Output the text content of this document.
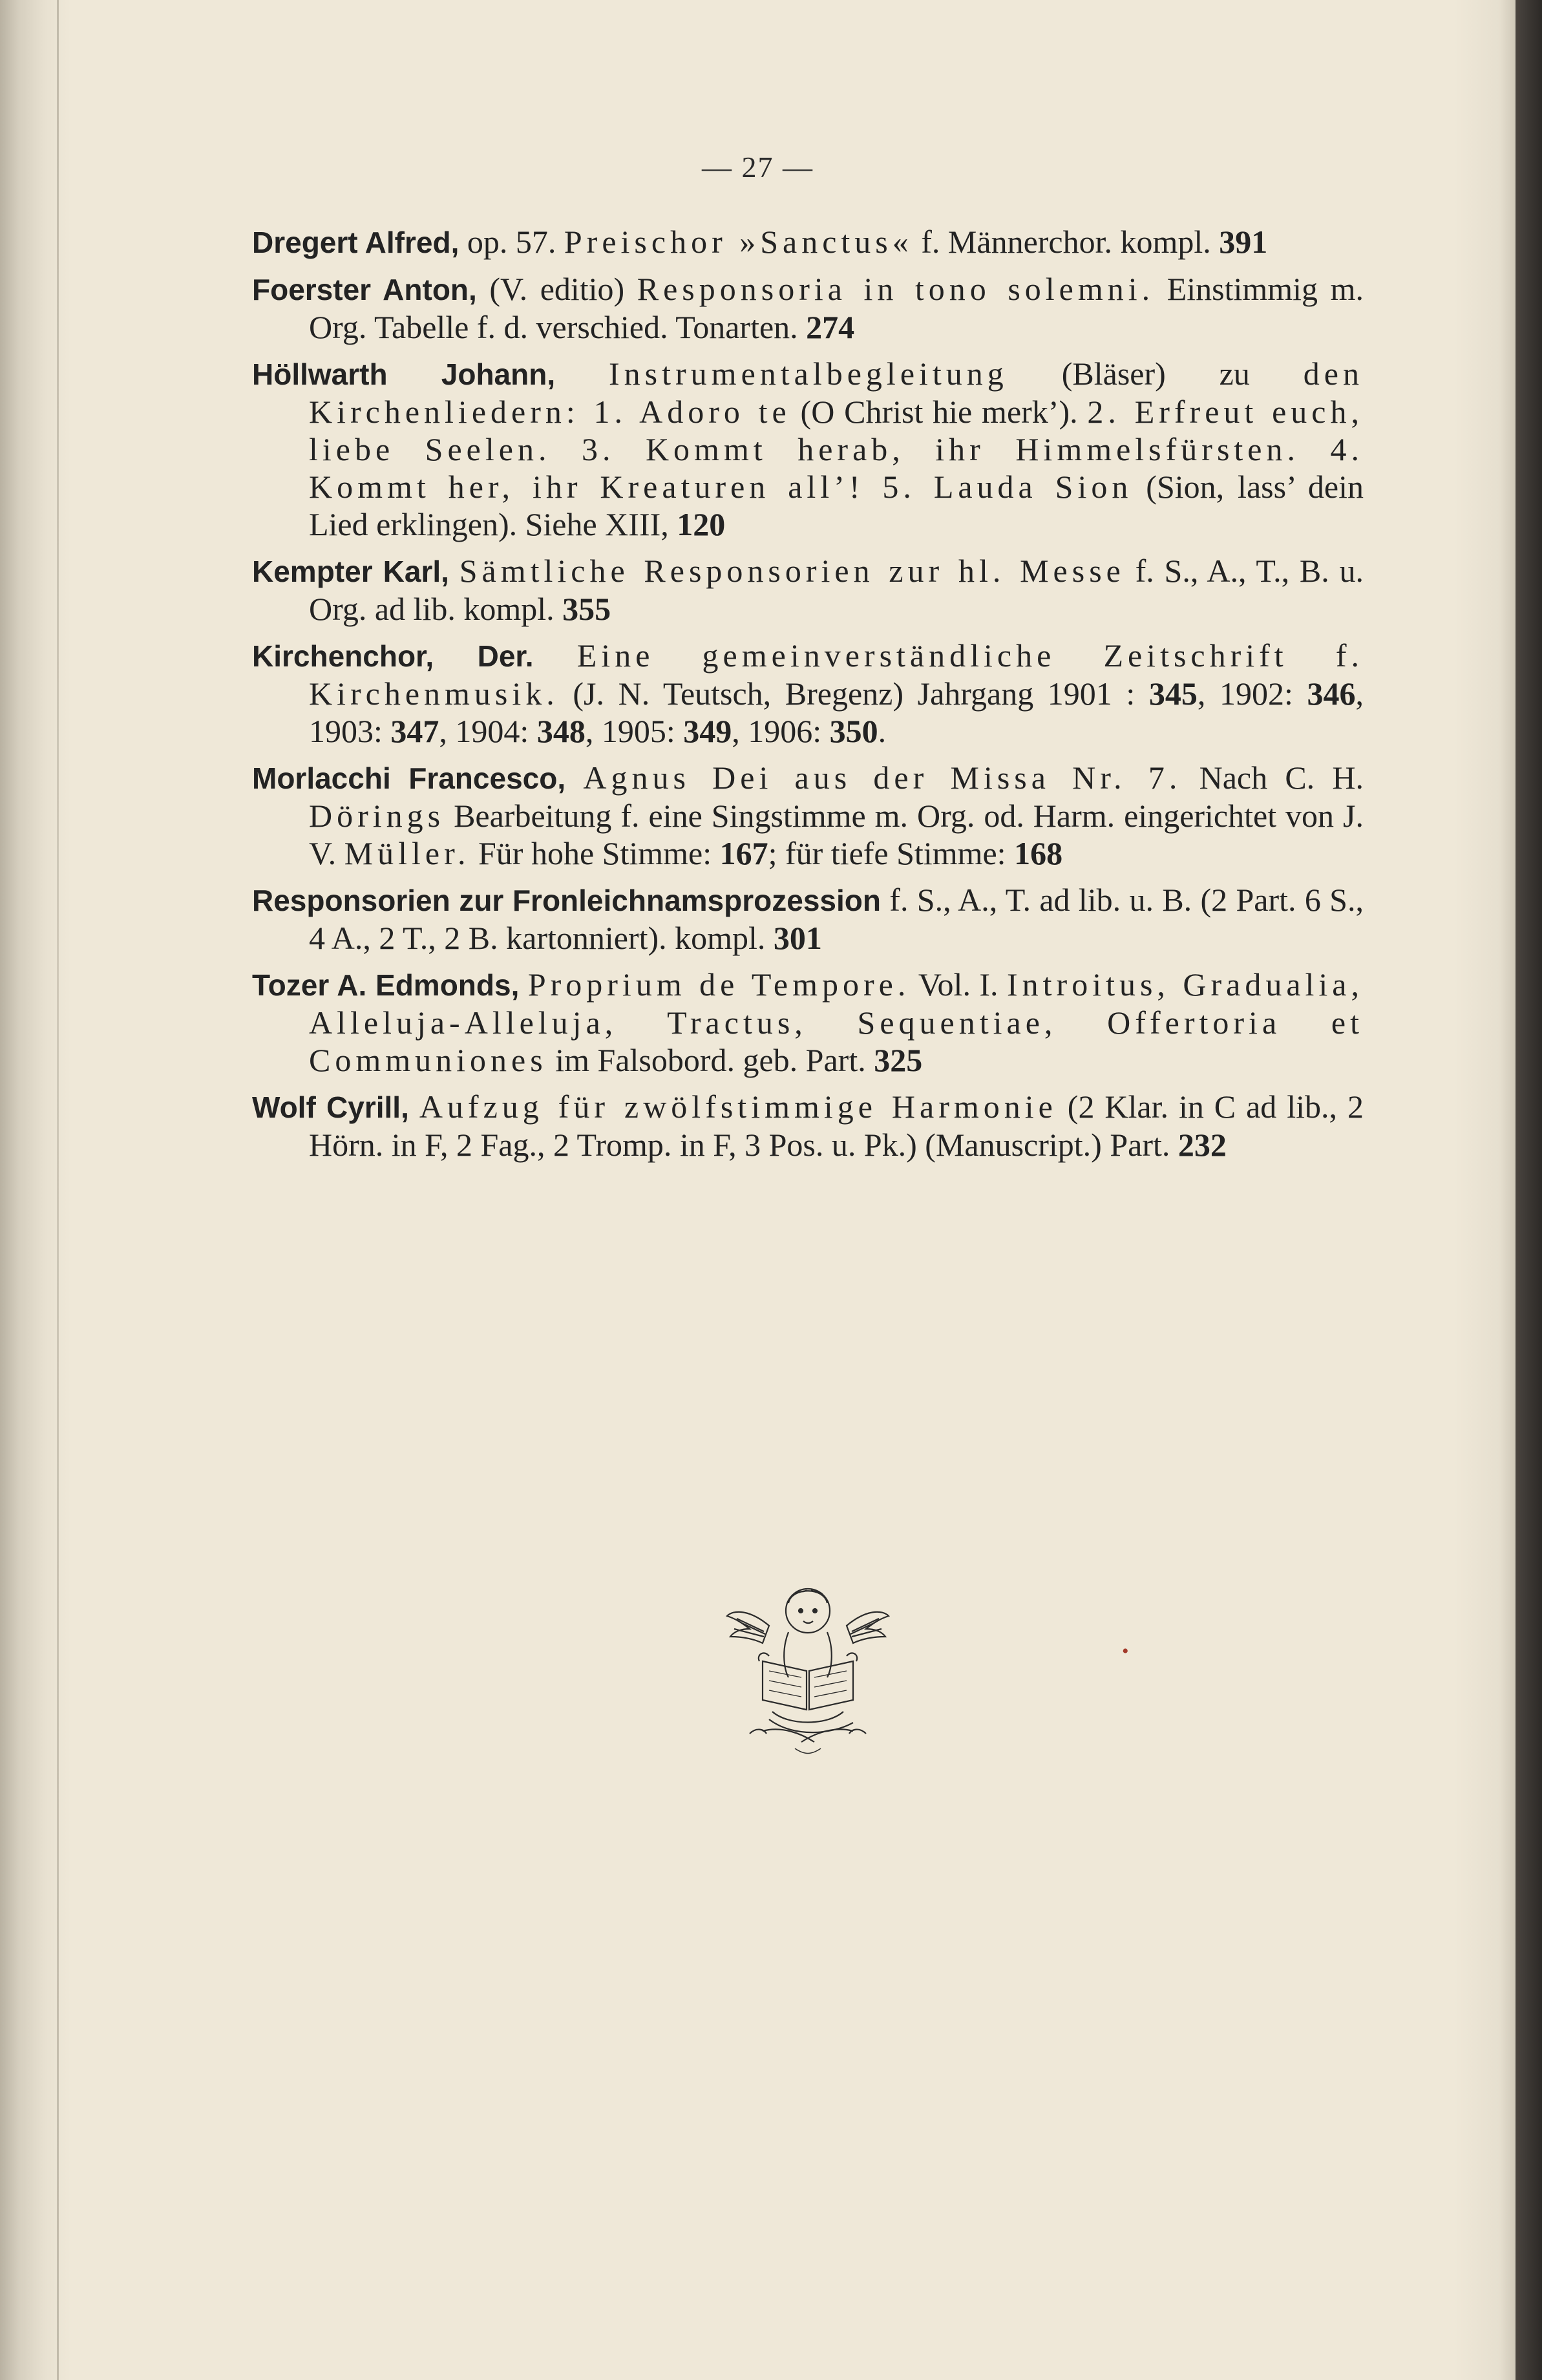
— 27 —

Dregert Alfred, op. 57. Preischor »Sanctus« f. Männerchor. kompl. 391

Foerster Anton, (V. editio) Responsoria in tono solemni. Einstimmig m. Org. Tabelle f. d. verschied. Tonarten. 274

Höllwarth Johann, Instrumentalbegleitung (Bläser) zu den Kirchenliedern: 1. Adoro te (O Christ hie merk’). 2. Erfreut euch, liebe Seelen. 3. Kommt herab, ihr Himmelsfürsten. 4. Kommt her, ihr Kreaturen all’! 5. Lauda Sion (Sion, lass’ dein Lied erklingen). Siehe XIII, 120

Kempter Karl, Sämtliche Responsorien zur hl. Messe f. S., A., T., B. u. Org. ad lib. kompl. 355

Kirchenchor, Der. Eine gemeinverständliche Zeitschrift f. Kirchenmusik. (J. N. Teutsch, Bregenz) Jahrgang 1901 : 345, 1902: 346, 1903: 347, 1904: 348, 1905: 349, 1906: 350.

Morlacchi Francesco, Agnus Dei aus der Missa Nr. 7. Nach C. H. Dörings Bearbeitung f. eine Singstimme m. Org. od. Harm. eingerichtet von J. V. Müller. Für hohe Stimme: 167; für tiefe Stimme: 168

Responsorien zur Fronleichnamsprozession f. S., A., T. ad lib. u. B. (2 Part. 6 S., 4 A., 2 T., 2 B. kartonniert). kompl. 301

Tozer A. Edmonds, Proprium de Tempore. Vol. I. Introitus, Gradualia, Alleluja-Alleluja, Tractus, Sequentiae, Offertoria et Communiones im Falsobord. geb. Part. 325

Wolf Cyrill, Aufzug für zwölfstimmige Harmonie (2 Klar. in C ad lib., 2 Hörn. in F, 2 Fag., 2 Tromp. in F, 3 Pos. u. Pk.) (Manuscript.) Part. 232

•
